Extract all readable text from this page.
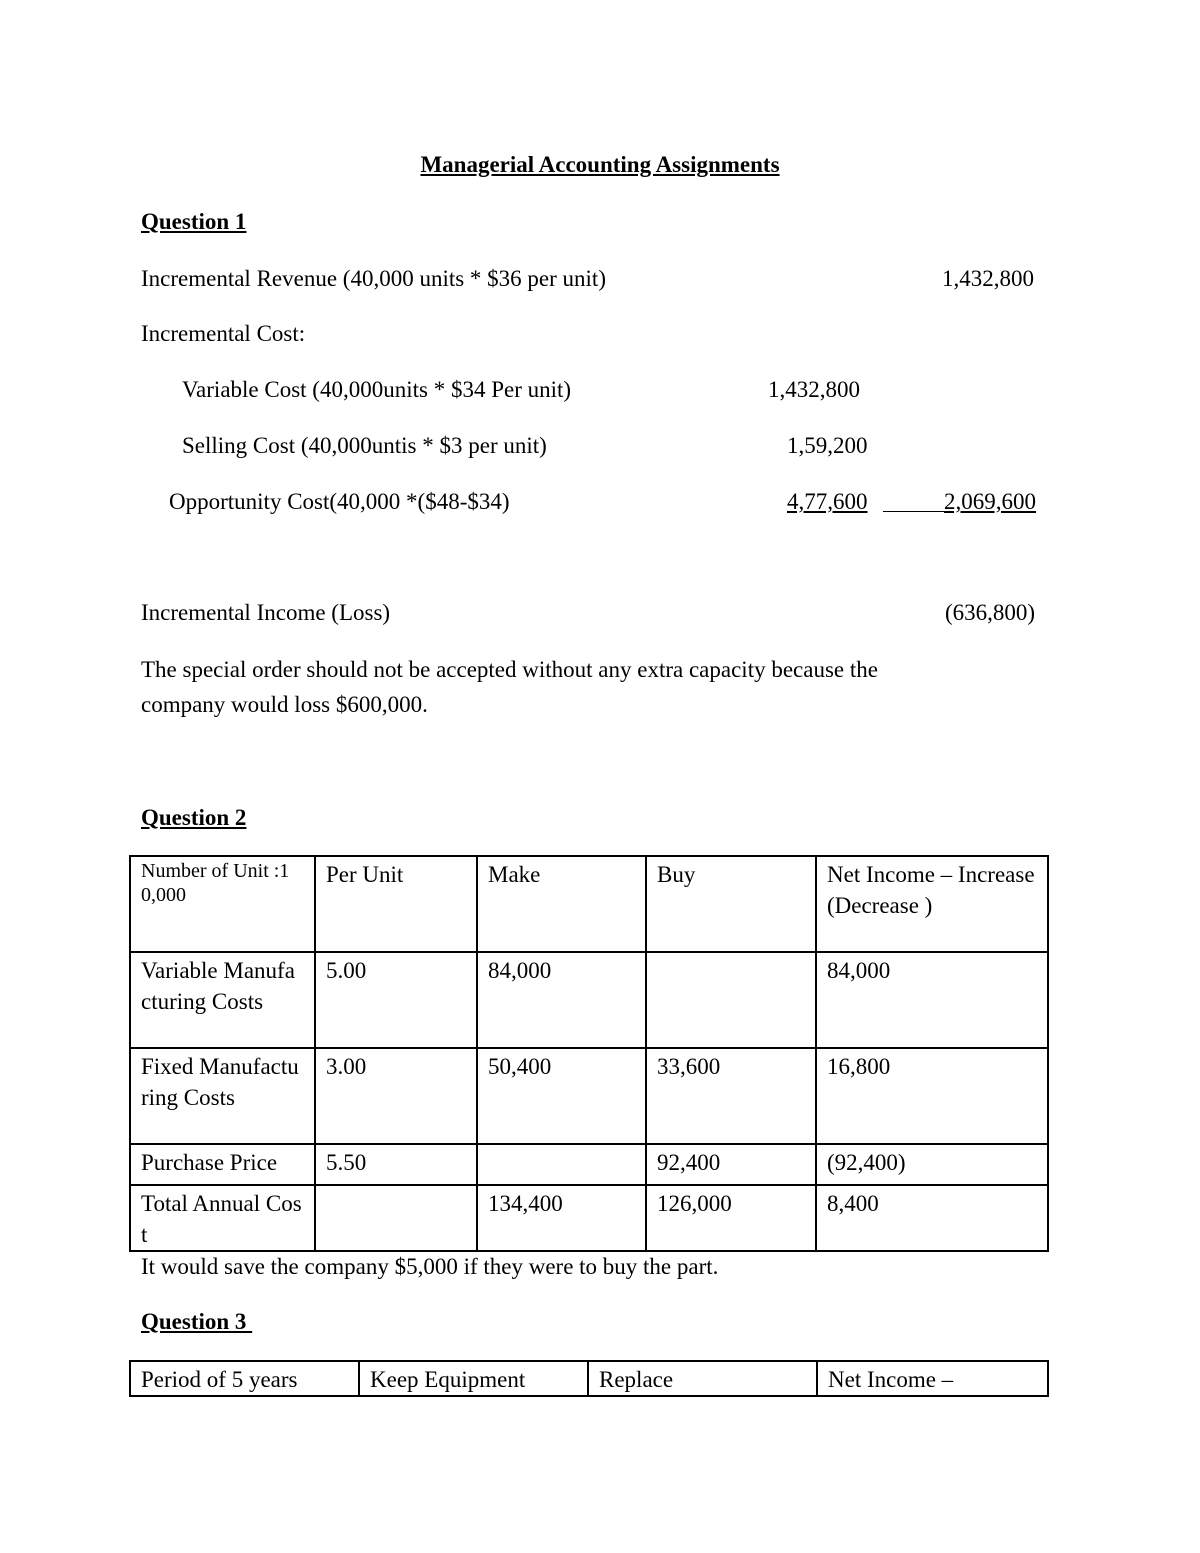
Managerial Accounting Assignments
Question 1
Incremental Revenue (40,000 units * $36 per unit)	1,432,800
Incremental Cost:
Variable Cost (40,000units * $34 Per unit)	1,432,800
Selling Cost (40,000untis * $3 per unit)	1,59,200
Opportunity Cost(40,000 *($48-$34)	4,77,600	2,069,600
Incremental Income (Loss)	(636,800)
The special order should not be accepted without any extra capacity because the
company would loss $600,000.
Question 2
Number of Unit :10,000	Per Unit	Make	Buy	Net Income – Increase(Decrease )
Variable Manufacturing Costs	5.00	84,000		84,000
Fixed Manufacturing Costs	3.00	50,400	33,600	16,800
Purchase Price	5.50		92,400	(92,400)
Total Annual Cost		134,400	126,000	8,400
It would save the company $5,000 if they were to buy the part.
Question 3
Period of 5 years	Keep Equipment	Replace	Net Income –
